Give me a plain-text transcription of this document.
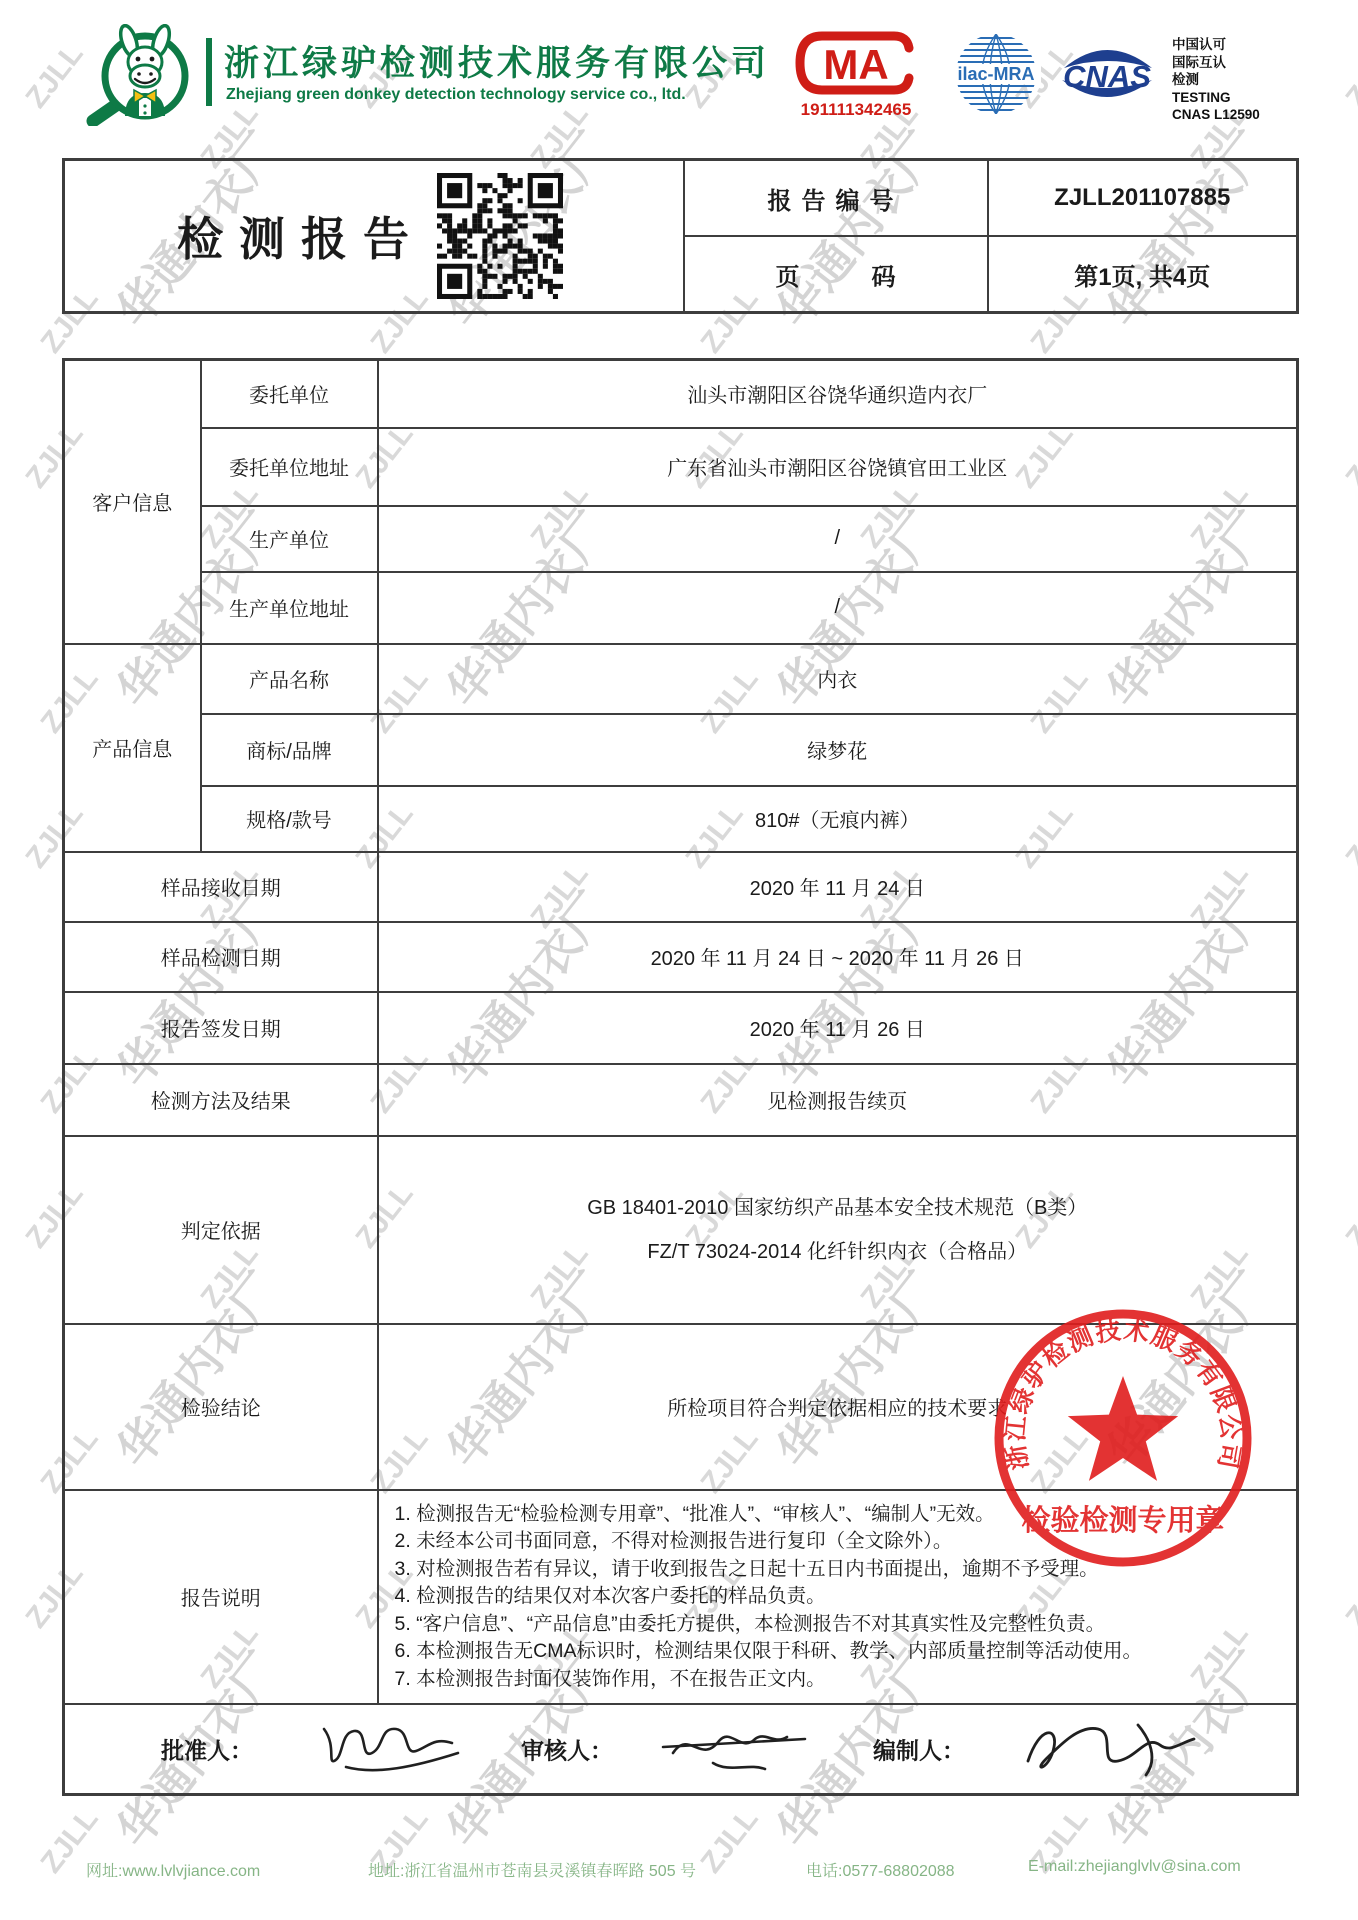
浙江绿驴检测技术服务有限公司
Zhejiang green donkey detection technology service co., ltd.
MA
191111342465
ilac-MRA CNAS
中国认可
国际互认
检测
TESTING
CNAS L12590
检测报告	报告编号	ZJLL201107885
	页　　　码	第1页, 共4页
客户信息	委托单位	汕头市潮阳区谷饶华通织造内衣厂
	委托单位地址	广东省汕头市潮阳区谷饶镇官田工业区
	生产单位	/
	生产单位地址	/
产品信息	产品名称	内衣
	商标/品牌	绿梦花
	规格/款号	810#（无痕内裤）
样品接收日期		2020 年 11 月 24 日
样品检测日期		2020 年 11 月 24 日 ~ 2020 年 11 月 26 日
报告签发日期		2020 年 11 月 26 日
检测方法及结果		见检测报告续页
判定依据		GB 18401-2010 国家纺织产品基本安全技术规范（B类）
FZ/T 73024-2014 化纤针织内衣（合格品）

检验结论		所检项目符合判定依据相应的技术要求
报告说明	
1. 检测报告无“检验检测专用章”、“批准人”、“审核人”、“编制人”无效。
2. 未经本公司书面同意，不得对检测报告进行复印（全文除外）。
3. 对检测报告若有异议，请于收到报告之日起十五日内书面提出，逾期不予受理。
4. 检测报告的结果仅对本次客户委托的样品负责。
5. “客户信息”、“产品信息”由委托方提供，本检测报告不对其真实性及完整性负责。
6. 本检测报告无CMA标识时，检测结果仅限于科研、教学、内部质量控制等活动使用。
7. 本检测报告封面仅装饰作用，不在报告正文内。

批准人： 审核人： 编制人：		
浙江绿驴检测技术服务有限公司
检验检测专用章
网址:www.lvlvjiance.com	地址:浙江省温州市苍南县灵溪镇春晖路 505 号	电话:0577-68802088	E-mail:zhejianglvlv@sina.com
